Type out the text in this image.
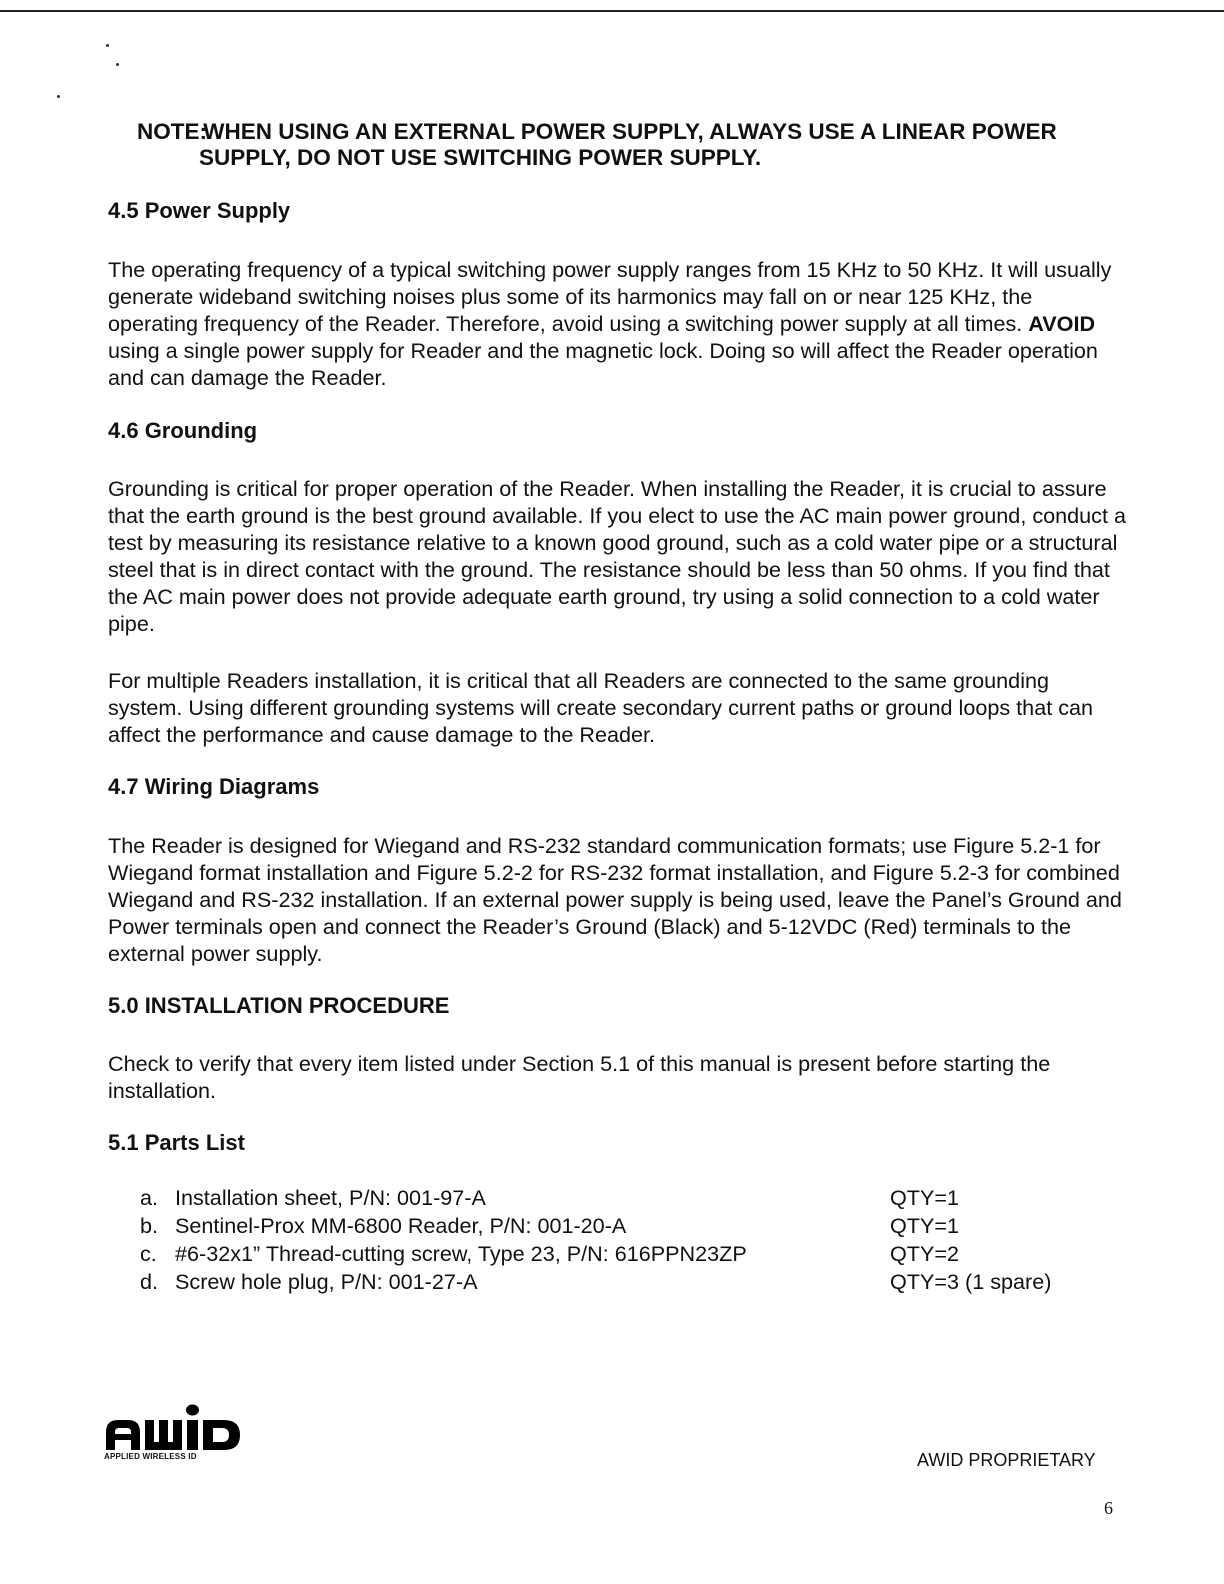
NOTE: WHEN USING AN EXTERNAL POWER SUPPLY, ALWAYS USE A LINEAR POWER
SUPPLY, DO NOT USE SWITCHING POWER SUPPLY.
4.5 Power Supply

The operating frequency of a typical switching power supply ranges from 15 KHz to 50 KHz. It will usually generate wideband switching noises plus some of its harmonics may fall on or near 125 KHz, the operating frequency of the Reader. Therefore, avoid using a switching power supply at all times. AVOID using a single power supply for Reader and the magnetic lock. Doing so will affect the Reader operation and can damage the Reader.

4.6 Grounding

Grounding is critical for proper operation of the Reader. When installing the Reader, it is crucial to assure that the earth ground is the best ground available. If you elect to use the AC main power ground, conduct a test by measuring its resistance relative to a known good ground, such as a cold water pipe or a structural steel that is in direct contact with the ground. The resistance should be less than 50 ohms. If you find that the AC main power does not provide adequate earth ground, try using a solid connection to a cold water pipe.

For multiple Readers installation, it is critical that all Readers are connected to the same grounding system. Using different grounding systems will create secondary current paths or ground loops that can affect the performance and cause damage to the Reader.

4.7 Wiring Diagrams

The Reader is designed for Wiegand and RS-232 standard communication formats; use Figure 5.2-1 for Wiegand format installation and Figure 5.2-2 for RS-232 format installation, and Figure 5.2-3 for combined Wiegand and RS-232 installation. If an external power supply is being used, leave the Panel’s Ground and Power terminals open and connect the Reader’s Ground (Black) and 5-12VDC (Red) terminals to the external power supply.

5.0 INSTALLATION PROCEDURE

Check to verify that every item listed under Section 5.1 of this manual is present before starting the installation.

5.1 Parts List
a. Installation sheet, P/N: 001-97-A	QTY=1
b. Sentinel-Prox MM-6800 Reader, P/N: 001-20-A	QTY=1
c. #6-32x1” Thread-cutting screw, Type 23, P/N: 616PPN23ZP	QTY=2
d. Screw hole plug, P/N: 001-27-A	QTY=3 (1 spare)
APPLIED WIRELESS ID	AWID PROPRIETARY
6
